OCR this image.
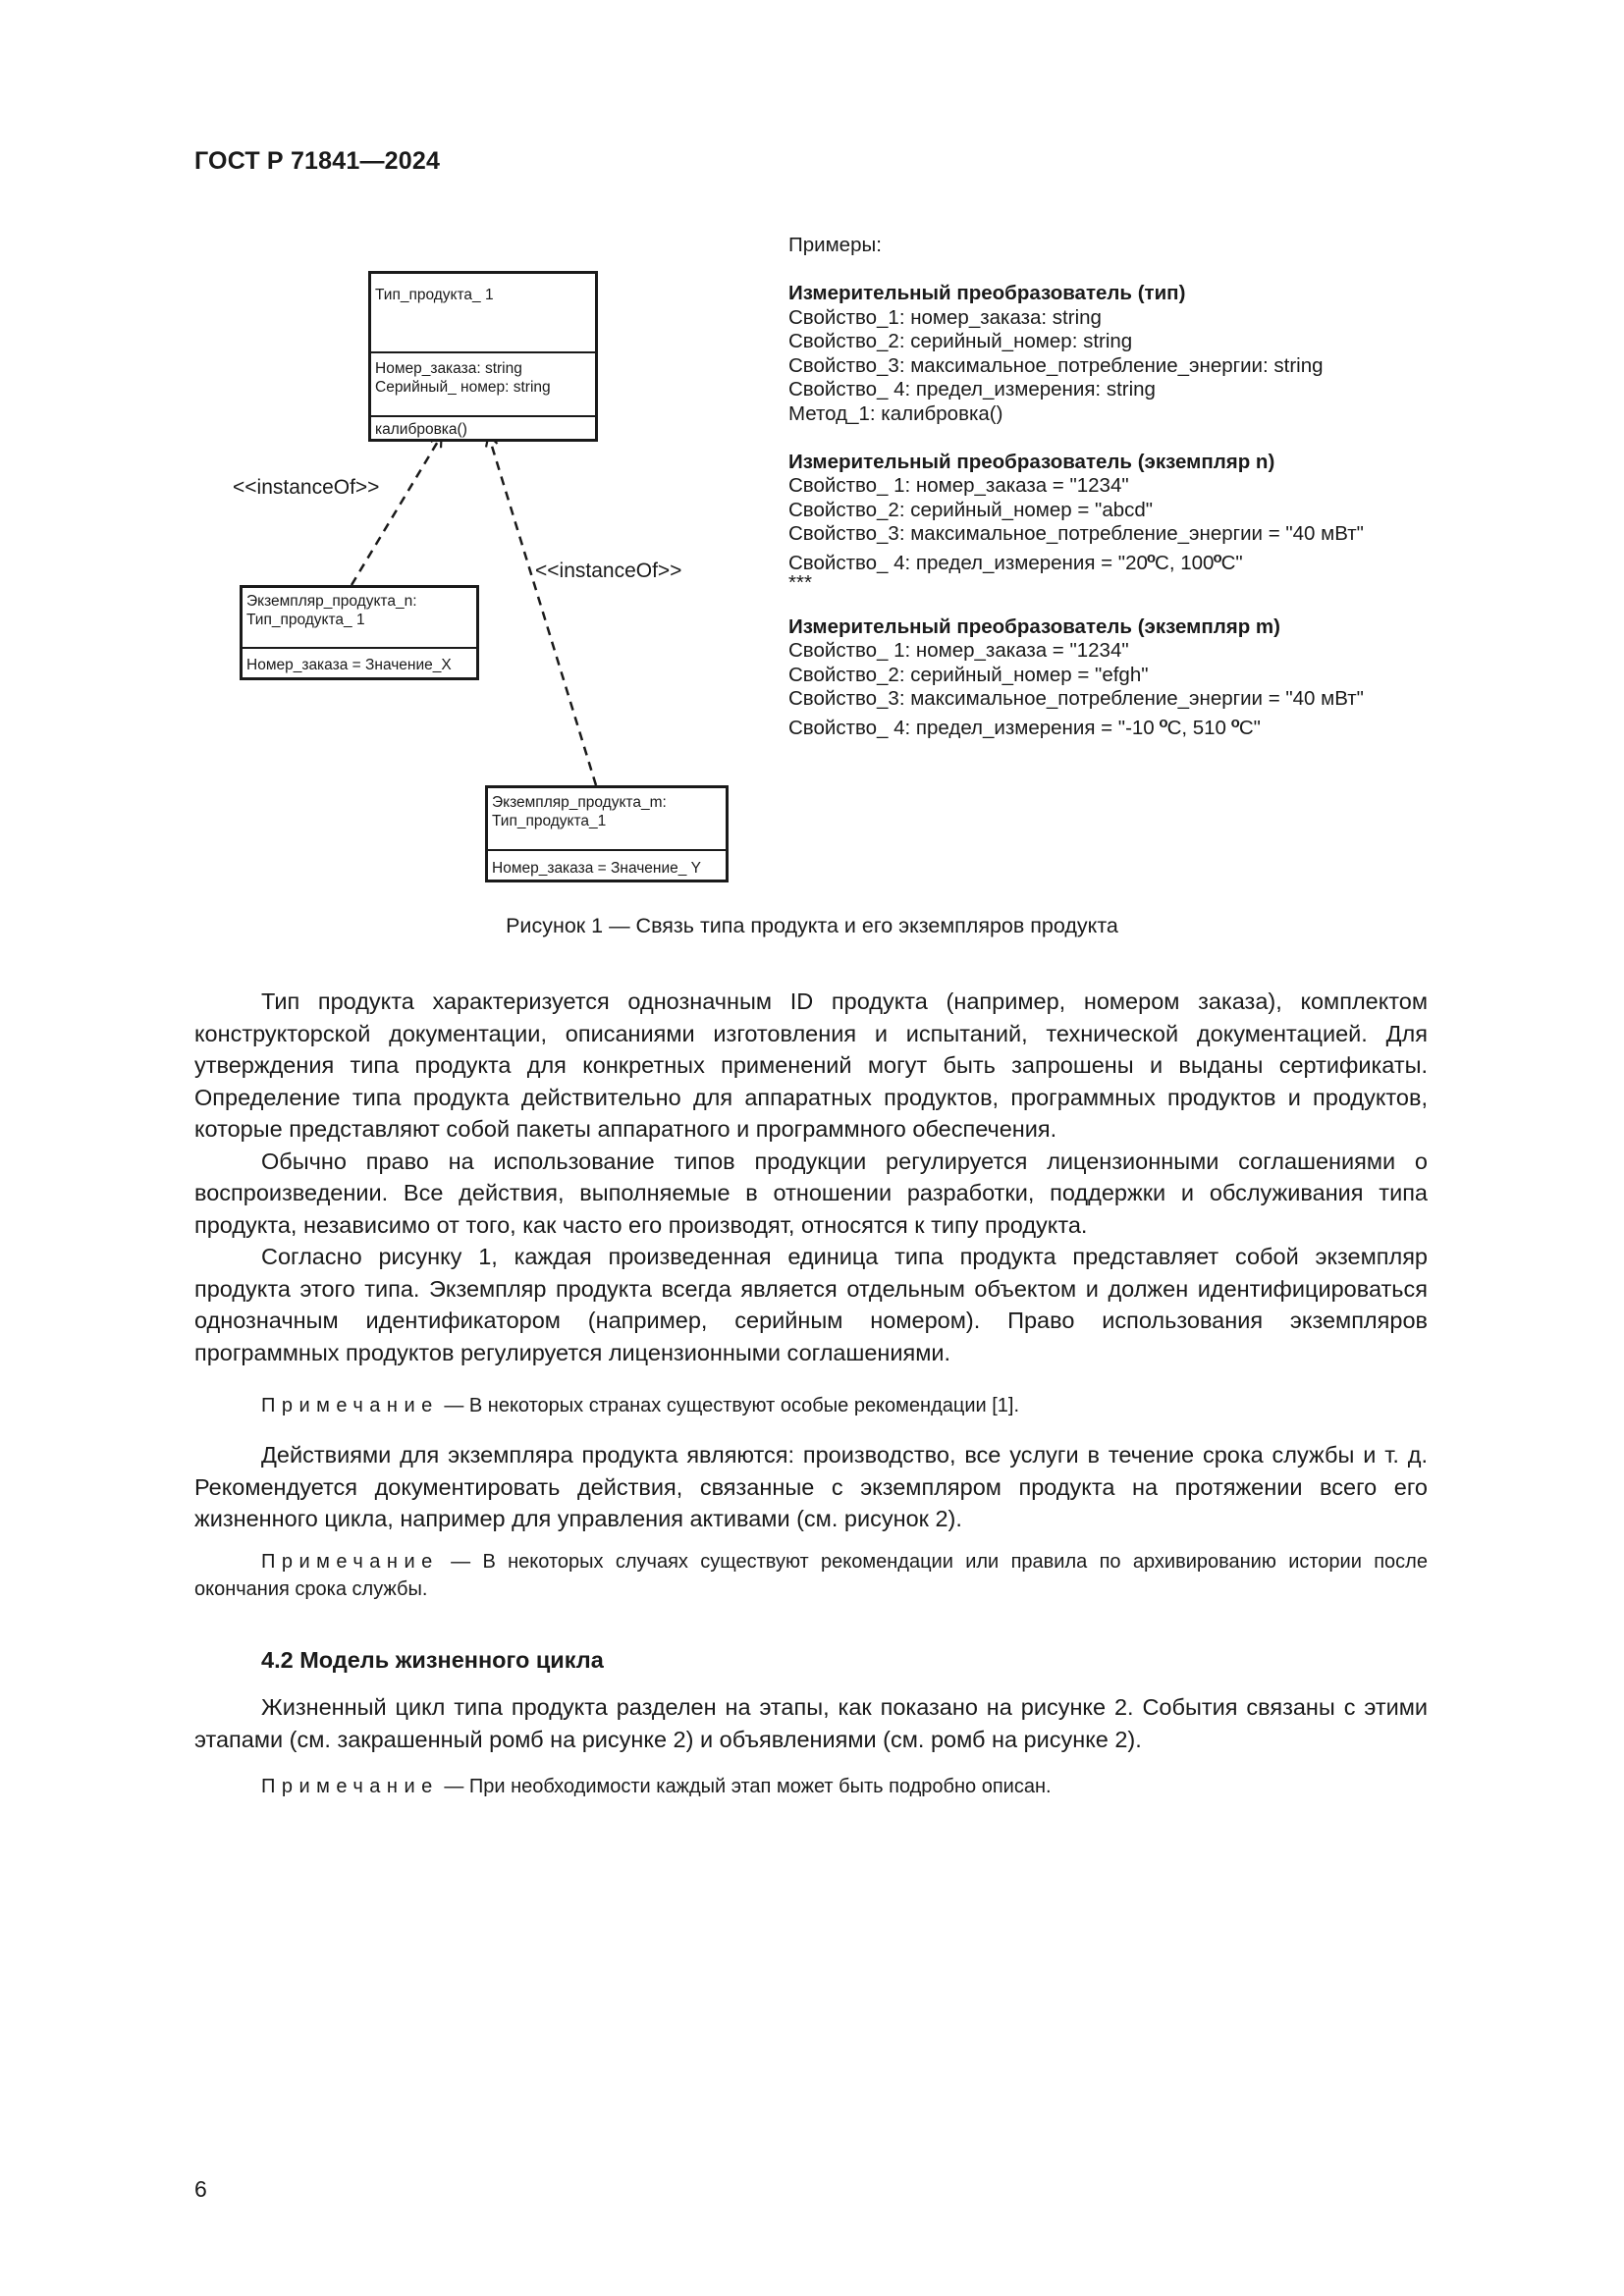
ГОСТ Р 71841—2024
Тип_продукта_ 1
Номер_заказа: string
Серийный_ номер: string
калибровка()
Экземпляр_продукта_n:
Тип_продукта_ 1
Номер_заказа = Значение_X
Экземпляр_продукта_m:
Тип_продукта_1
Номер_заказа = Значение_ Y
<<instanceOf>>
<<instanceOf>>
Примеры:
Измерительный преобразователь (тип)
Свойство_1: номер_заказа: string
Свойство_2: серийный_номер: string
Свойство_3: максимальное_потребление_энергии: string
Свойство_ 4: предел_измерения: string
Метод_1: калибровка()
Измерительный преобразователь (экземпляр n)
Свойство_ 1: номер_заказа = "1234"
Свойство_2: серийный_номер = "abcd"
Свойство_3: максимальное_потребление_энергии = "40 мВт"
Свойство_ 4: предел_измерения = "20oC, 100oC"
***
Измерительный преобразователь (экземпляр m)
Свойство_ 1: номер_заказа = "1234"
Свойство_2: серийный_номер = "efgh"
Свойство_3: максимальное_потребление_энергии = "40 мВт"
Свойство_ 4: предел_измерения = "-10 oC, 510 oC"
Рисунок 1 — Связь типа продукта и его экземпляров продукта

Тип продукта характеризуется однозначным ID продукта (например, номером заказа), комплектом конструкторской документации, описаниями изготовления и испытаний, технической документацией. Для утверждения типа продукта для конкретных применений могут быть запрошены и выданы сертификаты. Определение типа продукта действительно для аппаратных продуктов, программных продуктов и продуктов, которые представляют собой пакеты аппаратного и программного обеспечения.

Обычно право на использование типов продукции регулируется лицензионными соглашениями о воспроизведении. Все действия, выполняемые в отношении разработки, поддержки и обслуживания типа продукта, независимо от того, как часто его производят, относятся к типу продукта.

Согласно рисунку 1, каждая произведенная единица типа продукта представляет собой экземпляр продукта этого типа. Экземпляр продукта всегда является отдельным объектом и должен идентифицироваться однозначным идентификатором (например, серийным номером). Право использования экземпляров программных продуктов регулируется лицензионными соглашениями.

Примечание — В некоторых странах существуют особые рекомендации [1].

Действиями для экземпляра продукта являются: производство, все услуги в течение срока службы и т. д. Рекомендуется документировать действия, связанные с экземпляром продукта на протяжении всего его жизненного цикла, например для управления активами (см. рисунок 2).

Примечание — В некоторых случаях существуют рекомендации или правила по архивированию истории после окончания срока службы.
4.2 Модель жизненного цикла

Жизненный цикл типа продукта разделен на этапы, как показано на рисунке 2. События связаны с этими этапами (см. закрашенный ромб на рисунке 2) и объявлениями (см. ромб на рисунке 2).

Примечание — При необходимости каждый этап может быть подробно описан.
6
